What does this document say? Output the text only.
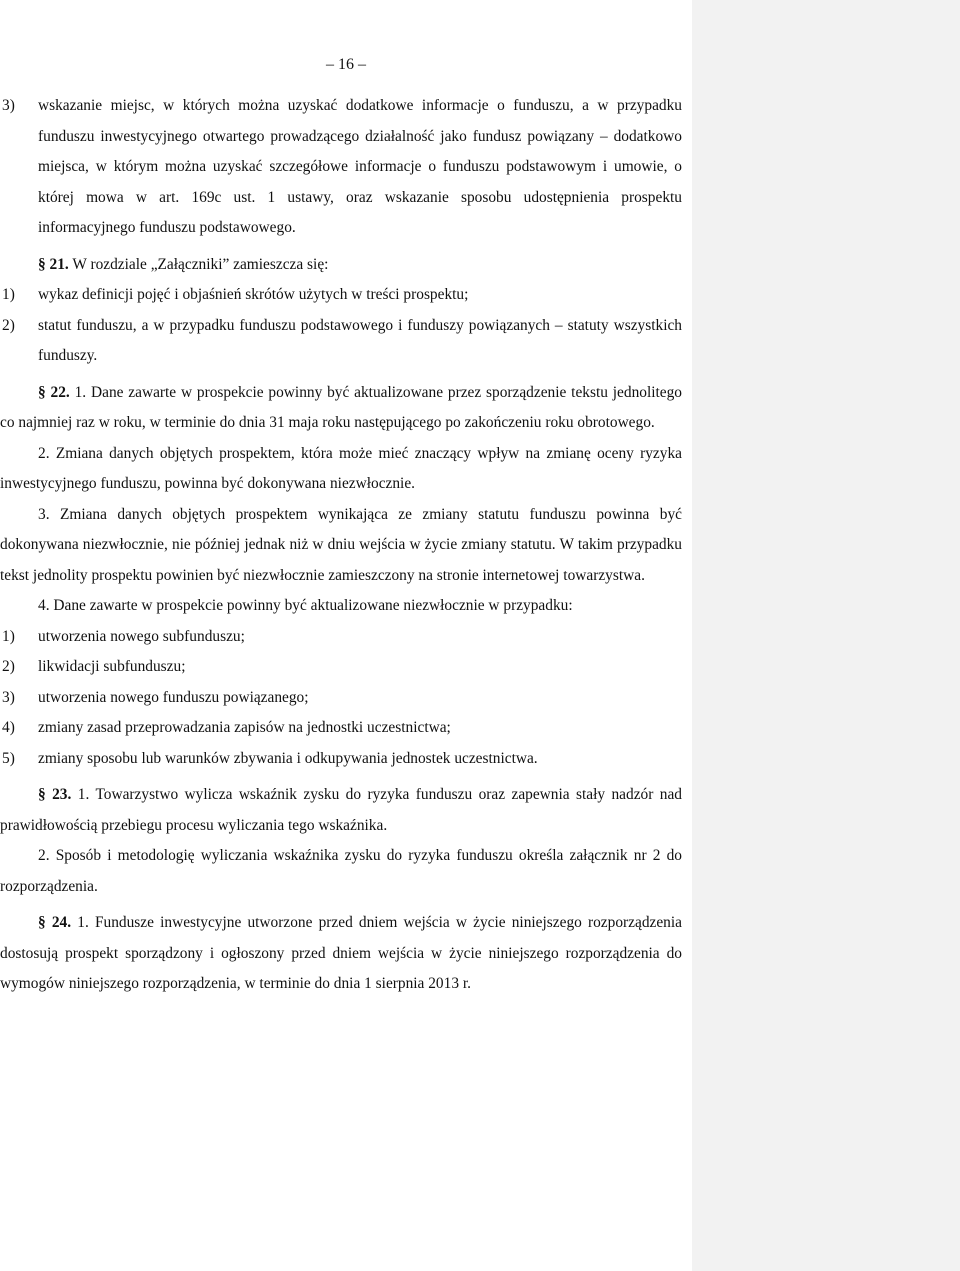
– 16 –
3)	wskazanie miejsc, w których można uzyskać dodatkowe informacje o funduszu, a w przypadku funduszu inwestycyjnego otwartego prowadzącego działalność jako fundusz powiązany – dodatkowo miejsca, w którym można uzyskać szczegółowe informacje o funduszu podstawowym i umowie, o której mowa w art. 169c ust. 1 ustawy, oraz wskazanie sposobu udostępnienia prospektu informacyjnego funduszu podstawowego.

§ 21. W rozdziale „Załączniki” zamieszcza się:

1)	wykaz definicji pojęć i objaśnień skrótów użytych w treści prospektu;
2)	statut funduszu, a w przypadku funduszu podstawowego i funduszy powiązanych – statuty wszystkich funduszy.

§ 22. 1. Dane zawarte w prospekcie powinny być aktualizowane przez sporządzenie tekstu jednolitego co najmniej raz w roku, w terminie do dnia 31 maja roku następującego po zakończeniu roku obrotowego.

2. Zmiana danych objętych prospektem, która może mieć znaczący wpływ na zmianę oceny ryzyka inwestycyjnego funduszu, powinna być dokonywana niezwłocznie.

3. Zmiana danych objętych prospektem wynikająca ze zmiany statutu funduszu powinna być dokonywana niezwłocznie, nie później jednak niż w dniu wejścia w życie zmiany statutu. W takim przypadku tekst jednolity prospektu powinien być niezwłocznie zamieszczony na stronie internetowej towarzystwa.

4. Dane zawarte w prospekcie powinny być aktualizowane niezwłocznie w przypadku:

1)	utworzenia nowego subfunduszu;
2)	likwidacji subfunduszu;
3)	utworzenia nowego funduszu powiązanego;
4)	zmiany zasad przeprowadzania zapisów na jednostki uczestnictwa;
5)	zmiany sposobu lub warunków zbywania i odkupywania jednostek uczestnictwa.

§ 23. 1. Towarzystwo wylicza wskaźnik zysku do ryzyka funduszu oraz zapewnia stały nadzór nad prawidłowością przebiegu procesu wyliczania tego wskaźnika.

2. Sposób i metodologię wyliczania wskaźnika zysku do ryzyka funduszu określa załącznik nr 2 do rozporządzenia.

§ 24. 1. Fundusze inwestycyjne utworzone przed dniem wejścia w życie niniejszego rozporządzenia dostosują prospekt sporządzony i ogłoszony przed dniem wejścia w życie niniejszego rozporządzenia do wymogów niniejszego rozporządzenia, w terminie do dnia 1 sierpnia 2013 r.
